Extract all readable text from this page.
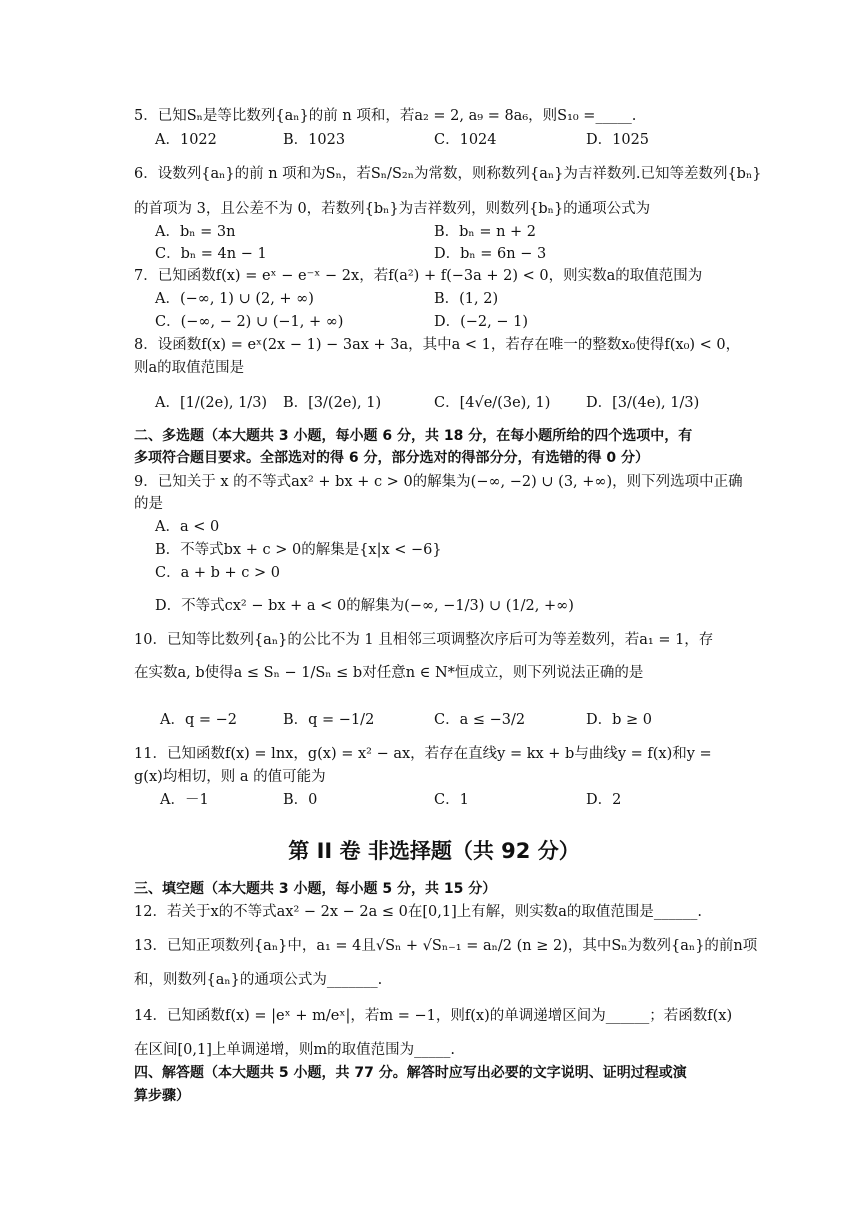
5．已知Sₙ是等比数列{aₙ}的前 n 项和，若a₂ = 2, a₉ = 8a₆，则S₁₀ =_____.
A．1022	B．1023	C．1024	D．1025
6．设数列{aₙ}的前 n 项和为Sₙ，若Sₙ/S₂ₙ为常数，则称数列{aₙ}为吉祥数列.已知等差数列{bₙ}
的首项为 3，且公差不为 0，若数列{bₙ}为吉祥数列，则数列{bₙ}的通项公式为
A．bₙ = 3n	B．bₙ = n + 2
C．bₙ = 4n − 1	D．bₙ = 6n − 3
7．已知函数f(x) = eˣ − e⁻ˣ − 2x，若f(a²) + f(−3a + 2) < 0，则实数a的取值范围为
A．(−∞, 1) ∪ (2, + ∞)	B．(1, 2)
C．(−∞, − 2) ∪ (−1, + ∞)	D．(−2, − 1)
8．设函数f(x) = eˣ(2x − 1) − 3ax + 3a，其中a < 1，若存在唯一的整数x₀使得f(x₀) < 0，
则a的取值范围是
A．[1/(2e), 1/3) B．[3/(2e), 1)	C．[4√e/(3e), 1) D．[3/(4e), 1/3)
二、多选题（本大题共 3 小题，每小题 6 分，共 18 分，在每小题所给的四个选项中，有
多项符合题目要求。全部选对的得 6 分，部分选对的得部分分，有选错的得 0 分）
9．已知关于 x 的不等式ax² + bx + c > 0的解集为(−∞, −2) ∪ (3, +∞)，则下列选项中正确
的是
A．a < 0
B．不等式bx + c > 0的解集是{x|x < −6}
C．a + b + c > 0
D．不等式cx² − bx + a < 0的解集为(−∞, −1/3) ∪ (1/2, +∞)
10．已知等比数列{aₙ}的公比不为 1 且相邻三项调整次序后可为等差数列，若a₁ = 1，存
在实数a, b使得a ≤ Sₙ − 1/Sₙ ≤ b对任意n ∈ N*恒成立，则下列说法正确的是
A．q = −2	B．q = −1/2	C．a ≤ −3/2	D．b ≥ 0
11．已知函数f(x) = lnx，g(x) = x² − ax，若存在直线y = kx + b与曲线y = f(x)和y =
g(x)均相切，则 a 的值可能为
A．－1	B．0	C．1	D．2
第 II 卷 非选择题（共 92 分）
三、填空题（本大题共 3 小题，每小题 5 分，共 15 分）
12．若关于x的不等式ax² − 2x − 2a ≤ 0在[0,1]上有解，则实数a的取值范围是______.
13．已知正项数列{aₙ}中，a₁ = 4且√Sₙ + √Sₙ₋₁ = aₙ/2 (n ≥ 2)，其中Sₙ为数列{aₙ}的前n项
和，则数列{aₙ}的通项公式为_______.
14．已知函数f(x) = |eˣ + m/eˣ|，若m = −1，则f(x)的单调递增区间为______；若函数f(x)
在区间[0,1]上单调递增，则m的取值范围为_____.
四、解答题（本大题共 5 小题，共 77 分。解答时应写出必要的文字说明、证明过程或演
算步骤）
